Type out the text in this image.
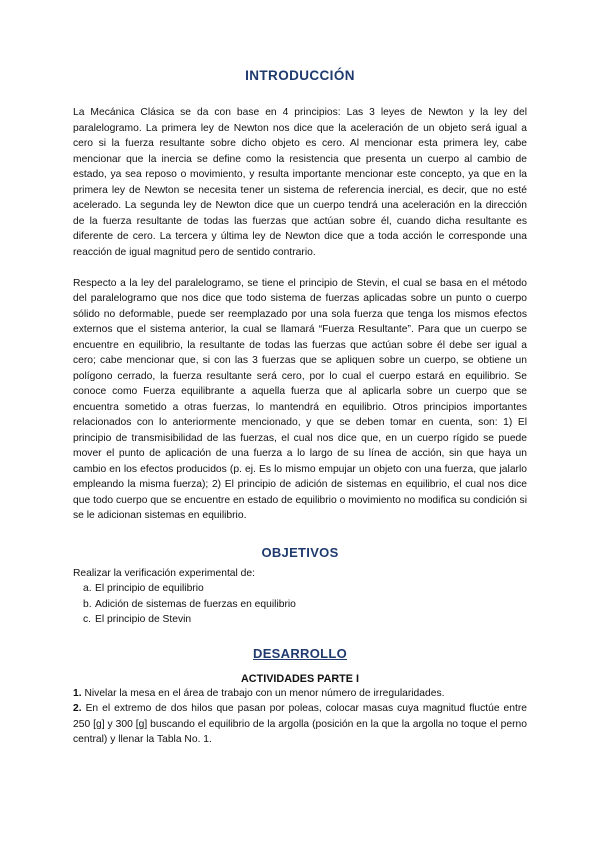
INTRODUCCIÓN

La Mecánica Clásica se da con base en 4 principios: Las 3 leyes de Newton y la ley del paralelogramo. La primera ley de Newton nos dice que la aceleración de un objeto será igual a cero si la fuerza resultante sobre dicho objeto es cero. Al mencionar esta primera ley, cabe mencionar que la inercia se define como la resistencia que presenta un cuerpo al cambio de estado, ya sea reposo o movimiento, y resulta importante mencionar este concepto, ya que en la primera ley de Newton se necesita tener un sistema de referencia inercial, es decir, que no esté acelerado. La segunda ley de Newton dice que un cuerpo tendrá una aceleración en la dirección de la fuerza resultante de todas las fuerzas que actúan sobre él, cuando dicha resultante es diferente de cero. La tercera y última ley de Newton dice que a toda acción le corresponde una reacción de igual magnitud pero de sentido contrario.

Respecto a la ley del paralelogramo, se tiene el principio de Stevin, el cual se basa en el método del paralelogramo que nos dice que todo sistema de fuerzas aplicadas sobre un punto o cuerpo sólido no deformable, puede ser reemplazado por una sola fuerza que tenga los mismos efectos externos que el sistema anterior, la cual se llamará “Fuerza Resultante”. Para que un cuerpo se encuentre en equilibrio, la resultante de todas las fuerzas que actúan sobre él debe ser igual a cero; cabe mencionar que, si con las 3 fuerzas que se apliquen sobre un cuerpo, se obtiene un polígono cerrado, la fuerza resultante será cero, por lo cual el cuerpo estará en equilibrio. Se conoce como Fuerza equilibrante a aquella fuerza que al aplicarla sobre un cuerpo que se encuentra sometido a otras fuerzas, lo mantendrá en equilibrio. Otros principios importantes relacionados con lo anteriormente mencionado, y que se deben tomar en cuenta, son: 1) El principio de transmisibilidad de las fuerzas, el cual nos dice que, en un cuerpo rígido se puede mover el punto de aplicación de una fuerza a lo largo de su línea de acción, sin que haya un cambio en los efectos producidos (p. ej. Es lo mismo empujar un objeto con una fuerza, que jalarlo empleando la misma fuerza); 2) El principio de adición de sistemas en equilibrio, el cual nos dice que todo cuerpo que se encuentre en estado de equilibrio o movimiento no modifica su condición si se le adicionan sistemas en equilibrio.

OBJETIVOS

Realizar la verificación experimental de:

a. El principio de equilibrio
b. Adición de sistemas de fuerzas en equilibrio
c. El principio de Stevin
DESARROLLO
ACTIVIDADES PARTE I

1. Nivelar la mesa en el área de trabajo con un menor número de irregularidades.

2. En el extremo de dos hilos que pasan por poleas, colocar masas cuya magnitud fluctúe entre 250 [g] y 300 [g] buscando el equilibrio de la argolla (posición en la que la argolla no toque el perno central) y llenar la Tabla No. 1.
